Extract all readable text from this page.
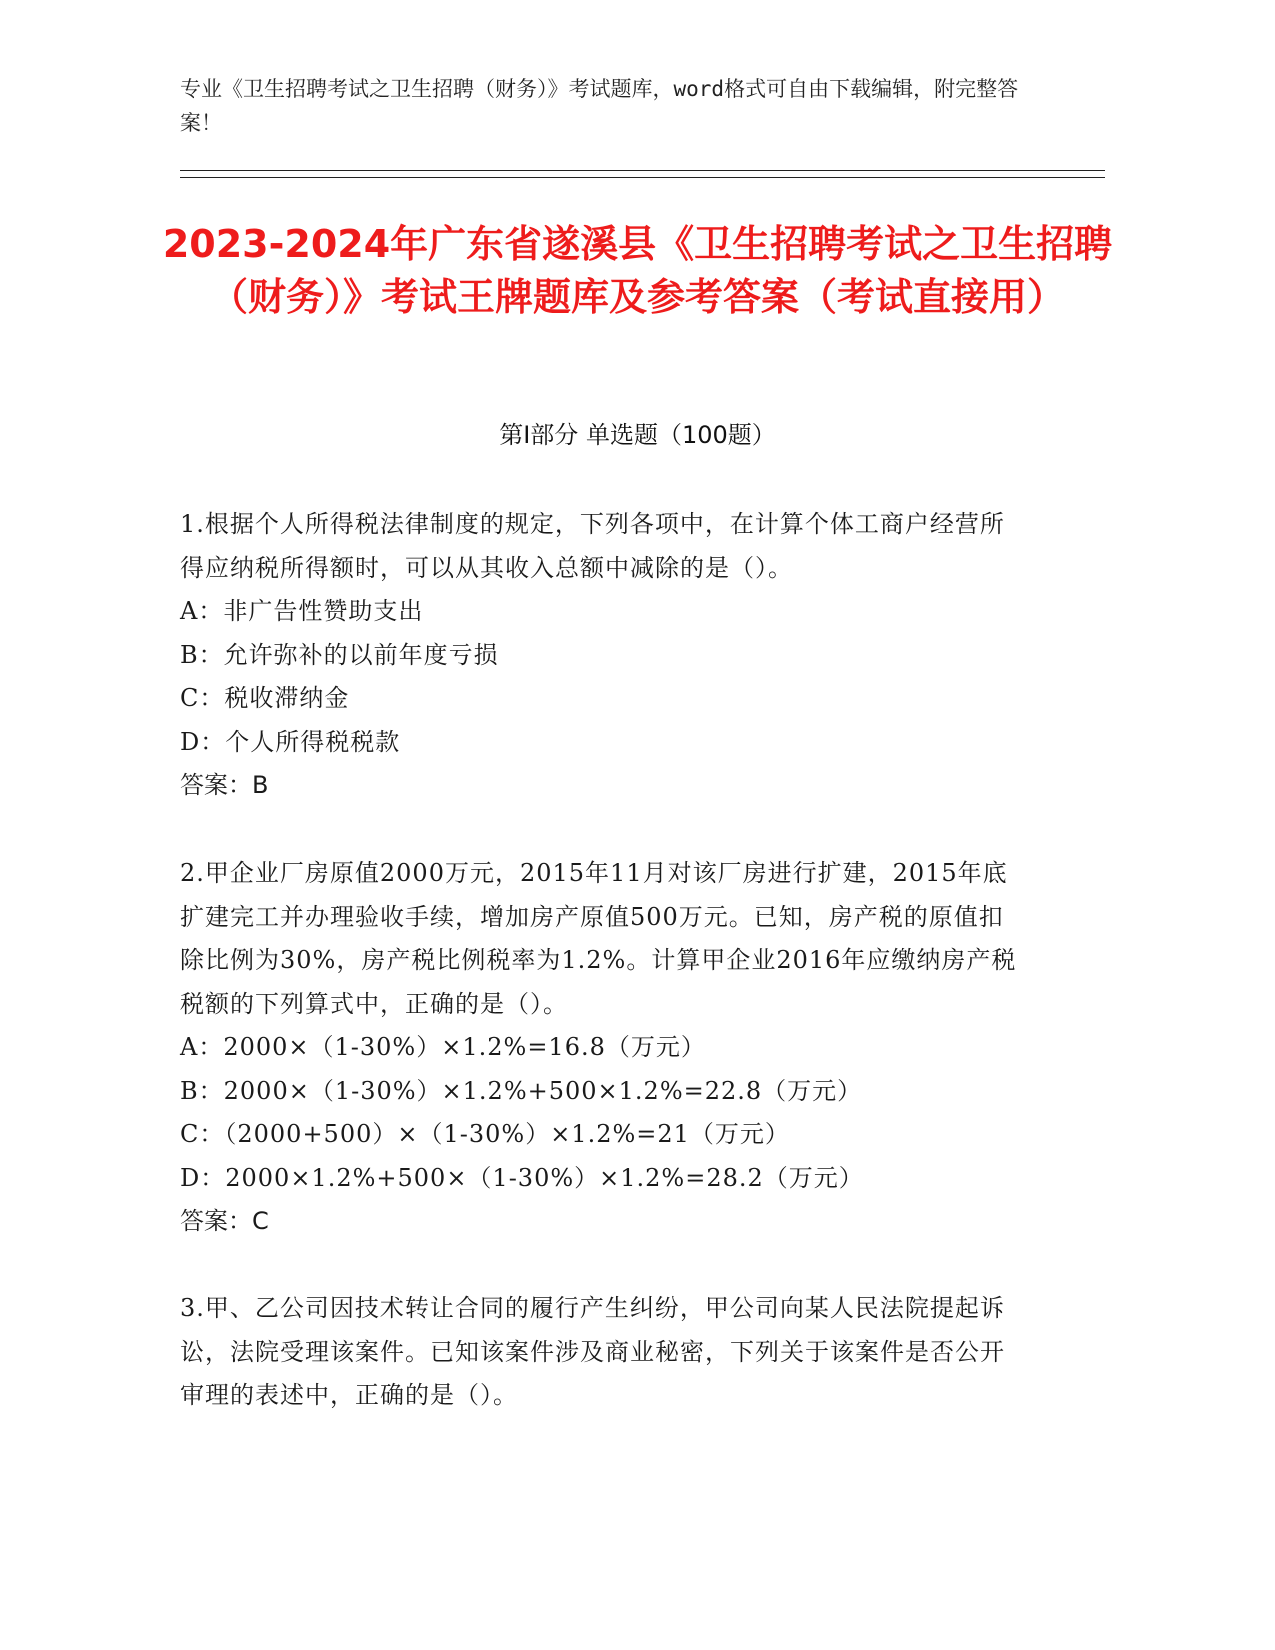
专业《卫生招聘考试之卫生招聘（财务）》考试题库，word格式可自由下载编辑，附完整答案！
2023-2024年广东省遂溪县《卫生招聘考试之卫生招聘（财务）》考试王牌题库及参考答案（考试直接用）
第I部分 单选题（100题）

1.根据个人所得税法律制度的规定，下列各项中，在计算个体工商户经营所得应纳税所得额时，可以从其收入总额中减除的是（）。

A：非广告性赞助支出

B：允许弥补的以前年度亏损

C：税收滞纳金

D：个人所得税税款

答案：B

2.甲企业厂房原值2000万元，2015年11月对该厂房进行扩建，2015年底扩建完工并办理验收手续，增加房产原值500万元。已知，房产税的原值扣除比例为30%，房产税比例税率为1.2%。计算甲企业2016年应缴纳房产税税额的下列算式中，正确的是（）。

A：2000×（1-30%）×1.2%=16.8（万元）

B：2000×（1-30%）×1.2%+500×1.2%=22.8（万元）

C：（2000+500）×（1-30%）×1.2%=21（万元）

D：2000×1.2%+500×（1-30%）×1.2%=28.2（万元）

答案：C

3.甲、乙公司因技术转让合同的履行产生纠纷，甲公司向某人民法院提起诉讼，法院受理该案件。已知该案件涉及商业秘密，下列关于该案件是否公开审理的表述中，正确的是（）。
